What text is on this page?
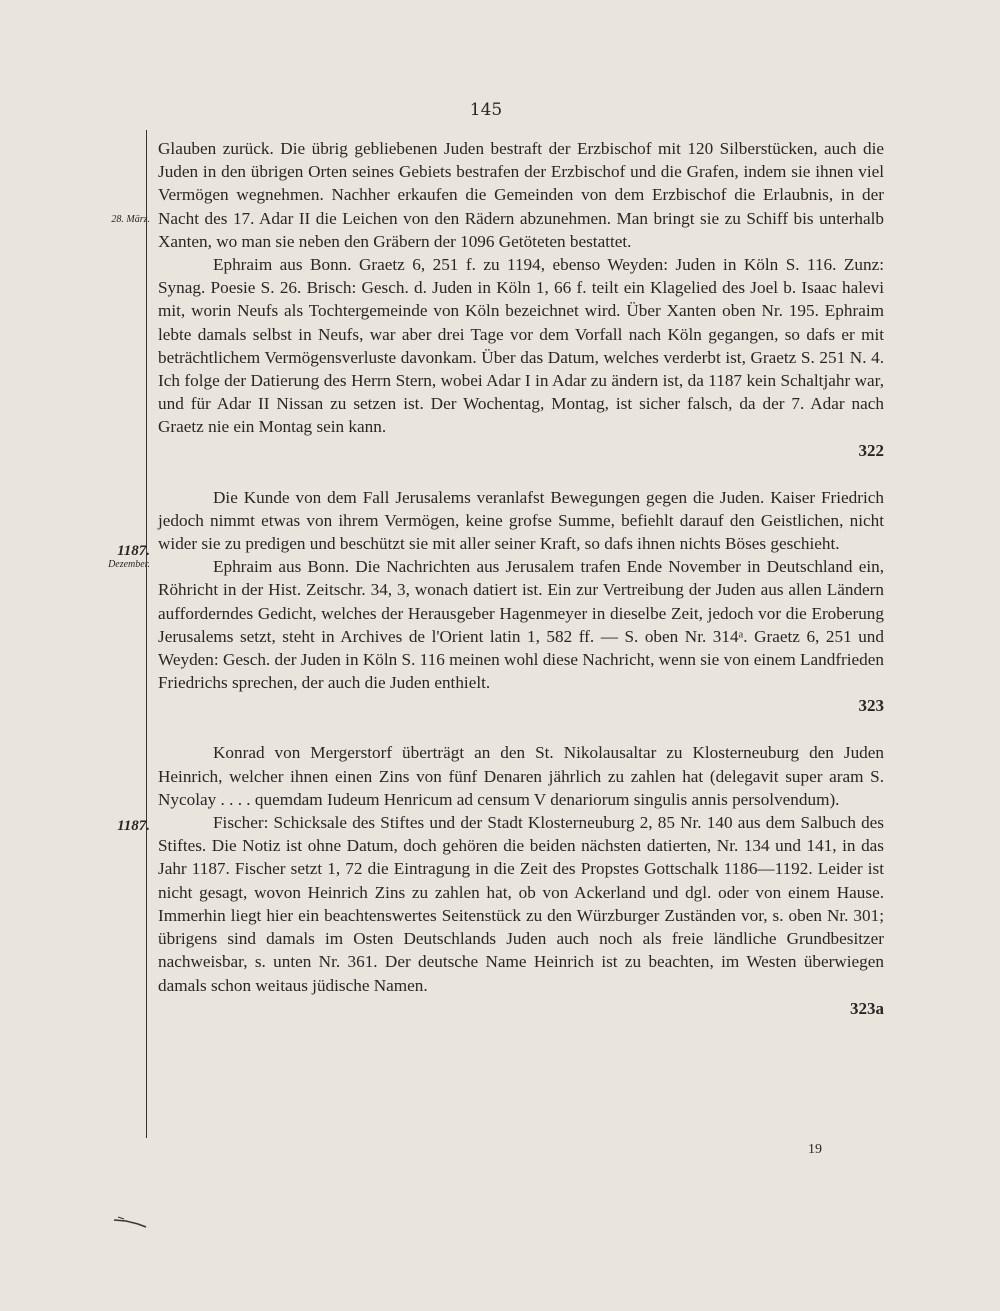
145
28. März.
1187.
Dezember.
1187.

Glauben zurück. Die übrig gebliebenen Juden bestraft der Erzbischof mit 120 Silberstücken, auch die Juden in den übrigen Orten seines Gebiets bestrafen der Erzbischof und die Grafen, indem sie ihnen viel Vermögen wegnehmen. Nachher erkaufen die Gemeinden von dem Erzbischof die Erlaubnis, in der Nacht des 17. Adar II die Leichen von den Rädern abzunehmen. Man bringt sie zu Schiff bis unterhalb Xanten, wo man sie neben den Gräbern der 1096 Getöteten bestattet.

Ephraim aus Bonn. Graetz 6, 251 f. zu 1194, ebenso Weyden: Juden in Köln S. 116. Zunz: Synag. Poesie S. 26. Brisch: Gesch. d. Juden in Köln 1, 66 f. teilt ein Klagelied des Joel b. Isaac halevi mit, worin Neufs als Tochtergemeinde von Köln bezeichnet wird. Über Xanten oben Nr. 195. Ephraim lebte damals selbst in Neufs, war aber drei Tage vor dem Vorfall nach Köln gegangen, so dafs er mit beträchtlichem Vermögensverluste davonkam. Über das Datum, welches verderbt ist, Graetz S. 251 N. 4. Ich folge der Datierung des Herrn Stern, wobei Adar I in Adar zu ändern ist, da 1187 kein Schaltjahr war, und für Adar II Nissan zu setzen ist. Der Wochentag, Montag, ist sicher falsch, da der 7. Adar nach Graetz nie ein Montag sein kann.

322

Die Kunde von dem Fall Jerusalems veranlafst Bewegungen gegen die Juden. Kaiser Friedrich jedoch nimmt etwas von ihrem Vermögen, keine grofse Summe, befiehlt darauf den Geistlichen, nicht wider sie zu predigen und beschützt sie mit aller seiner Kraft, so dafs ihnen nichts Böses geschieht.

Ephraim aus Bonn. Die Nachrichten aus Jerusalem trafen Ende November in Deutschland ein, Röhricht in der Hist. Zeitschr. 34, 3, wonach datiert ist. Ein zur Vertreibung der Juden aus allen Ländern aufforderndes Gedicht, welches der Herausgeber Hagenmeyer in dieselbe Zeit, jedoch vor die Eroberung Jerusalems setzt, steht in Archives de l'Orient latin 1, 582 ff. — S. oben Nr. 314ᵃ. Graetz 6, 251 und Weyden: Gesch. der Juden in Köln S. 116 meinen wohl diese Nachricht, wenn sie von einem Landfrieden Friedrichs sprechen, der auch die Juden enthielt.

323

Konrad von Mergerstorf überträgt an den St. Nikolausaltar zu Klosterneuburg den Juden Heinrich, welcher ihnen einen Zins von fünf Denaren jährlich zu zahlen hat (delegavit super aram S. Nycolay . . . . quemdam Iudeum Henricum ad censum V denariorum singulis annis persolvendum).

Fischer: Schicksale des Stiftes und der Stadt Klosterneuburg 2, 85 Nr. 140 aus dem Salbuch des Stiftes. Die Notiz ist ohne Datum, doch gehören die beiden nächsten datierten, Nr. 134 und 141, in das Jahr 1187. Fischer setzt 1, 72 die Eintragung in die Zeit des Propstes Gottschalk 1186—1192. Leider ist nicht gesagt, wovon Heinrich Zins zu zahlen hat, ob von Ackerland und dgl. oder von einem Hause. Immerhin liegt hier ein beachtenswertes Seitenstück zu den Würzburger Zuständen vor, s. oben Nr. 301; übrigens sind damals im Osten Deutschlands Juden auch noch als freie ländliche Grundbesitzer nachweisbar, s. unten Nr. 361. Der deutsche Name Heinrich ist zu beachten, im Westen überwiegen damals schon weitaus jüdische Namen.

323a
19
